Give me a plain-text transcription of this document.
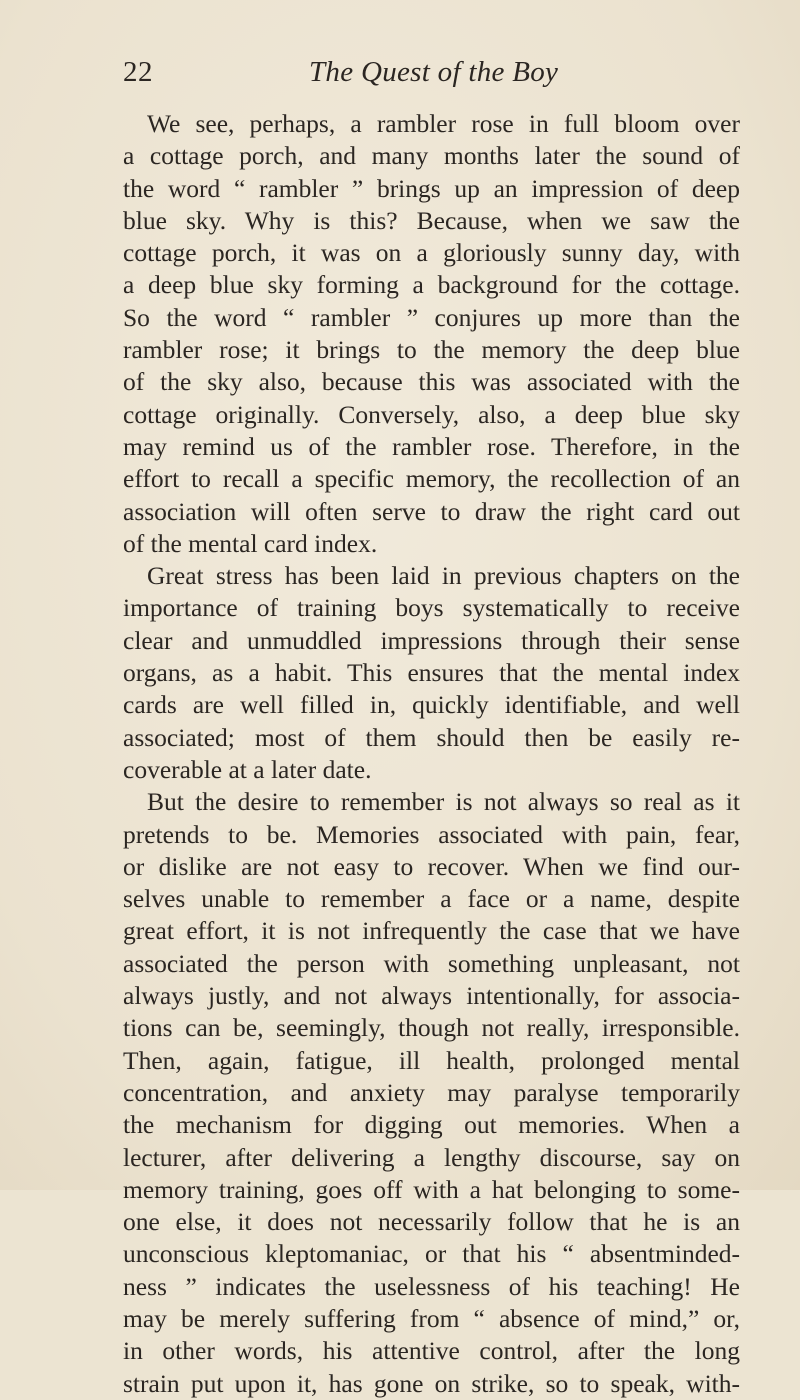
22	The Quest of the Boy
We see, perhaps, a rambler rose in full bloom over
a cottage porch, and many months later the sound of
the word “ rambler ” brings up an impression of deep
blue sky. Why is this? Because, when we saw the
cottage porch, it was on a gloriously sunny day, with
a deep blue sky forming a background for the cottage.
So the word “ rambler ” conjures up more than the
rambler rose; it brings to the memory the deep blue
of the sky also, because this was associated with the
cottage originally. Conversely, also, a deep blue sky
may remind us of the rambler rose. Therefore, in the
effort to recall a specific memory, the recollection of an
association will often serve to draw the right card out
of the mental card index.
Great stress has been laid in previous chapters on the
importance of training boys systematically to receive
clear and unmuddled impressions through their sense
organs, as a habit. This ensures that the mental index
cards are well filled in, quickly identifiable, and well
associated; most of them should then be easily re-
coverable at a later date.
But the desire to remember is not always so real as it
pretends to be. Memories associated with pain, fear,
or dislike are not easy to recover. When we find our-
selves unable to remember a face or a name, despite
great effort, it is not infrequently the case that we have
associated the person with something unpleasant, not
always justly, and not always intentionally, for associa-
tions can be, seemingly, though not really, irresponsible.
Then, again, fatigue, ill health, prolonged mental
concentration, and anxiety may paralyse temporarily
the mechanism for digging out memories. When a
lecturer, after delivering a lengthy discourse, say on
memory training, goes off with a hat belonging to some-
one else, it does not necessarily follow that he is an
unconscious kleptomaniac, or that his “ absentminded-
ness ” indicates the uselessness of his teaching! He
may be merely suffering from “ absence of mind,” or,
in other words, his attentive control, after the long
strain put upon it, has gone on strike, so to speak, with-
